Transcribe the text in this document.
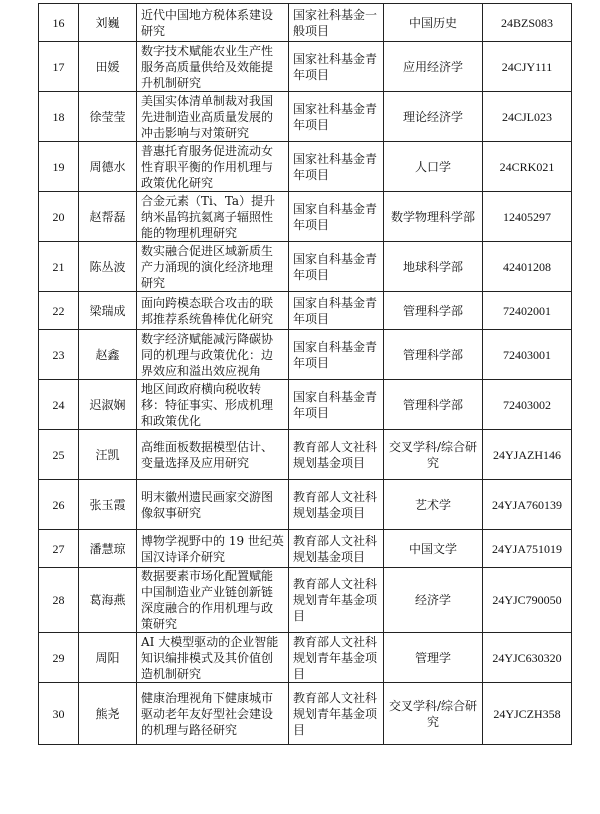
16	刘巍	近代中国地方税体系建设研究	国家社科基金一般项目	中国历史	24BZS083
17	田媛	数字技术赋能农业生产性服务高质量供给及效能提升机制研究	国家社科基金青年项目	应用经济学	24CJY111
18	徐莹莹	美国实体清单制裁对我国先进制造业高质量发展的冲击影响与对策研究	国家社科基金青年项目	理论经济学	24CJL023
19	周德水	普惠托育服务促进流动女性育职平衡的作用机理与政策优化研究	国家社科基金青年项目	人口学	24CRK021
20	赵帮磊	合金元素（Ti、Ta）提升纳米晶钨抗氦离子辐照性能的物理机理研究	国家自科基金青年项目	数学物理科学部	12405297
21	陈丛波	数实融合促进区域新质生产力涌现的演化经济地理研究	国家自科基金青年项目	地球科学部	42401208
22	梁瑞成	面向跨模态联合攻击的联邦推荐系统鲁棒优化研究	国家自科基金青年项目	管理科学部	72402001
23	赵鑫	数字经济赋能减污降碳协同的机理与政策优化：边界效应和溢出效应视角	国家自科基金青年项目	管理科学部	72403001
24	迟淑娴	地区间政府横向税收转移：特征事实、形成机理和政策优化	国家自科基金青年项目	管理科学部	72403002
25	汪凯	高维面板数据模型估计、变量选择及应用研究	教育部人文社科规划基金项目	交叉学科/综合研究	24YJAZH146
26	张玉霞	明末徽州遗民画家交游图像叙事研究	教育部人文社科规划基金项目	艺术学	24YJA760139
27	潘慧琼	博物学视野中的 19 世纪英国汉诗译介研究	教育部人文社科规划基金项目	中国文学	24YJA751019
28	葛海燕	数据要素市场化配置赋能中国制造业产业链创新链深度融合的作用机理与政策研究	教育部人文社科规划青年基金项目	经济学	24YJC790050
29	周阳	AI 大模型驱动的企业智能知识编排模式及其价值创造机制研究	教育部人文社科规划青年基金项目	管理学	24YJC630320
30	熊尧	健康治理视角下健康城市驱动老年友好型社会建设的机理与路径研究	教育部人文社科规划青年基金项目	交叉学科/综合研究	24YJCZH358
